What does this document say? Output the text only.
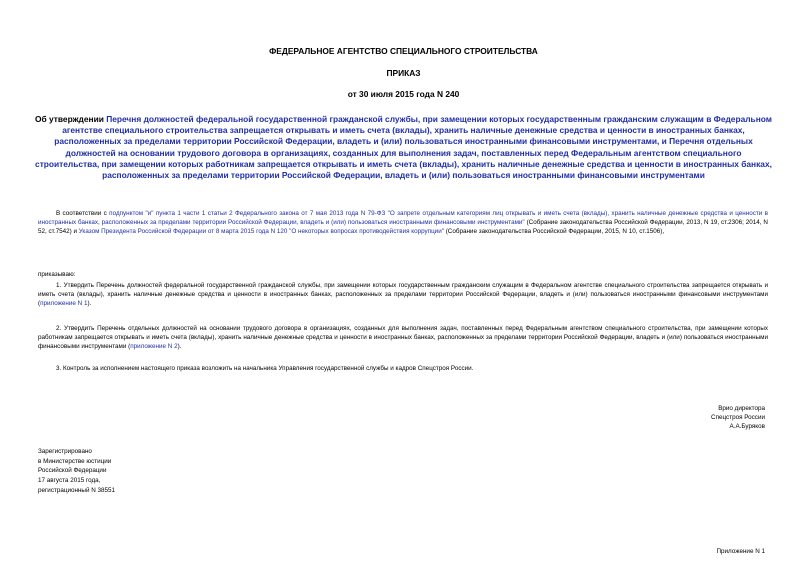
ФЕДЕРАЛЬНОЕ АГЕНТСТВО СПЕЦИАЛЬНОГО СТРОИТЕЛЬСТВА
ПРИКАЗ
от 30 июля 2015 года N 240
Об утверждении Перечня должностей федеральной государственной гражданской службы, при замещении которых государственным гражданским служащим в Федеральном агентстве специального строительства запрещается открывать и иметь счета (вклады), хранить наличные денежные средства и ценности в иностранных банках, расположенных за пределами территории Российской Федерации, владеть и (или) пользоваться иностранными финансовыми инструментами, и Перечня отдельных должностей на основании трудового договора в организациях, созданных для выполнения задач, поставленных перед Федеральным агентством специального строительства, при замещении которых работникам запрещается открывать и иметь счета (вклады), хранить наличные денежные средства и ценности в иностранных банках, расположенных за пределами территории Российской Федерации, владеть и (или) пользоваться иностранными финансовыми инструментами
В соответствии с подпунктом "и" пункта 1 части 1 статьи 2 Федерального закона от 7 мая 2013 года N 79-ФЗ "О запрете отдельным категориям лиц открывать и иметь счета (вклады), хранить наличные денежные средства и ценности в иностранных банках, расположенных за пределами территории Российской Федерации, владеть и (или) пользоваться иностранными финансовыми инструментами" (Собрание законодательства Российской Федерации, 2013, N 19, ст.2306; 2014, N 52, ст.7542) и Указом Президента Российской Федерации от 8 марта 2015 года N 120 "О некоторых вопросах противодействия коррупции" (Собрание законодательства Российской Федерации, 2015, N 10, ст.1506),
приказываю:
1. Утвердить Перечень должностей федеральной государственной гражданской службы, при замещении которых государственным гражданским служащим в Федеральном агентстве специального строительства запрещается открывать и иметь счета (вклады), хранить наличные денежные средства и ценности в иностранных банках, расположенных за пределами территории Российской Федерации, владеть и (или) пользоваться иностранными финансовыми инструментами (приложение N 1).
2. Утвердить Перечень отдельных должностей на основании трудового договора в организациях, созданных для выполнения задач, поставленных перед Федеральным агентством специального строительства, при замещении которых работникам запрещается открывать и иметь счета (вклады), хранить наличные денежные средства и ценности в иностранных банках, расположенных за пределами территории Российской Федерации, владеть и (или) пользоваться иностранными финансовыми инструментами (приложение N 2).
3. Контроль за исполнением настоящего приказа возложить на начальника Управления государственной службы и кадров Спецстроя России.
Врио директора
Спецстроя России
А.А.Буряков
Зарегистрировано
в Министерстве юстиции
Российской Федерации
17 августа 2015 года,
регистрационный N 38551
Приложение N 1
